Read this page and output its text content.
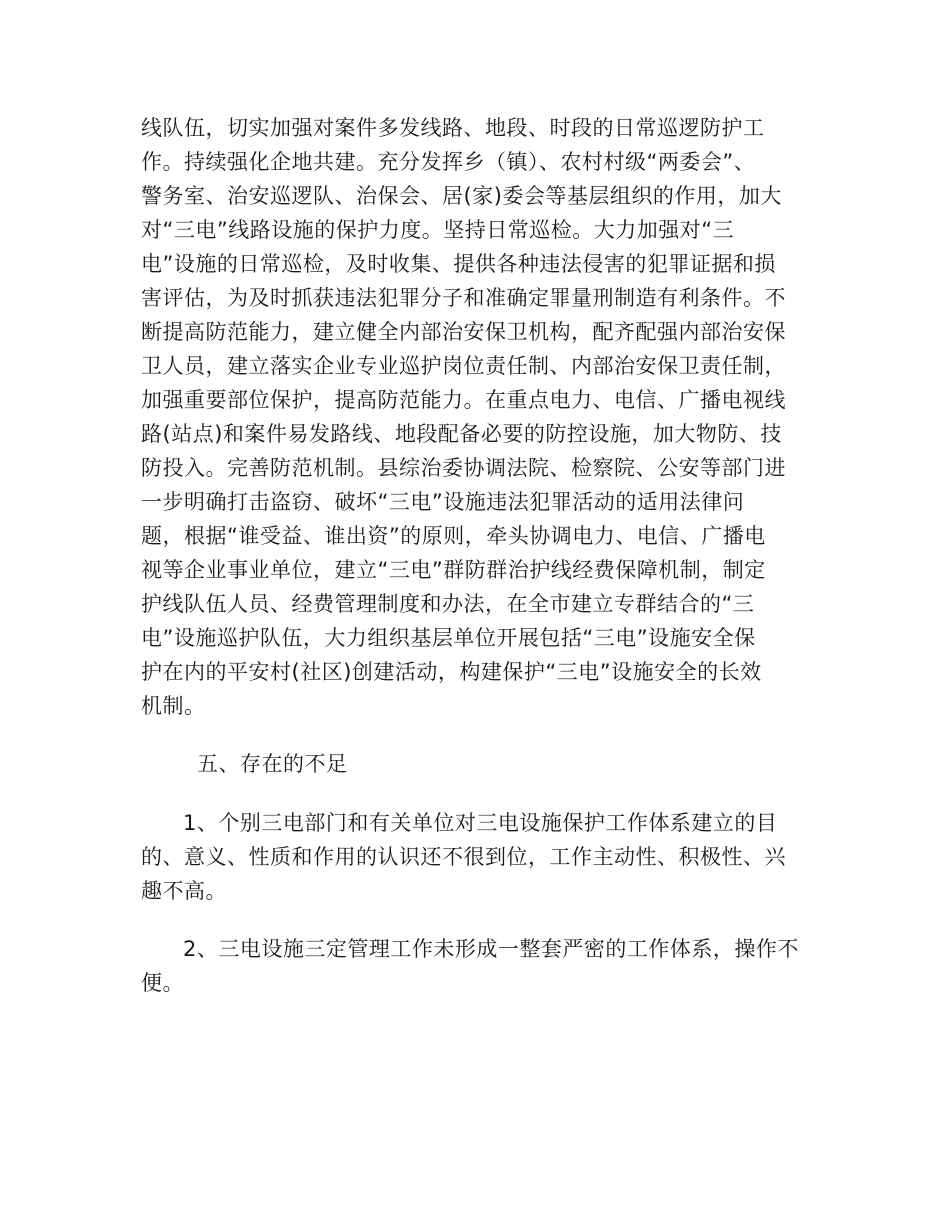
线队伍，切实加强对案件多发线路、地段、时段的日常巡逻防护工
作。持续强化企地共建。充分发挥乡（镇）、农村村级“两委会”、
警务室、治安巡逻队、治保会、居(家)委会等基层组织的作用，加大
对“三电”线路设施的保护力度。坚持日常巡检。大力加强对“三
电”设施的日常巡检，及时收集、提供各种违法侵害的犯罪证据和损
害评估，为及时抓获违法犯罪分子和准确定罪量刑制造有利条件。不
断提高防范能力，建立健全内部治安保卫机构，配齐配强内部治安保
卫人员，建立落实企业专业巡护岗位责任制、内部治安保卫责任制，
加强重要部位保护，提高防范能力。在重点电力、电信、广播电视线
路(站点)和案件易发路线、地段配备必要的防控设施，加大物防、技
防投入。完善防范机制。县综治委协调法院、检察院、公安等部门进
一步明确打击盗窃、破坏“三电”设施违法犯罪活动的适用法律问
题，根据“谁受益、谁出资”的原则，牵头协调电力、电信、广播电
视等企业事业单位，建立“三电”群防群治护线经费保障机制，制定
护线队伍人员、经费管理制度和办法，在全市建立专群结合的“三
电”设施巡护队伍，大力组织基层单位开展包括“三电”设施安全保
护在内的平安村(社区)创建活动，构建保护“三电”设施安全的长效
机制。
五、存在的不足
1、个别三电部门和有关单位对三电设施保护工作体系建立的目
的、意义、性质和作用的认识还不很到位，工作主动性、积极性、兴
趣不高。
2、三电设施三定管理工作未形成一整套严密的工作体系，操作不
便。
